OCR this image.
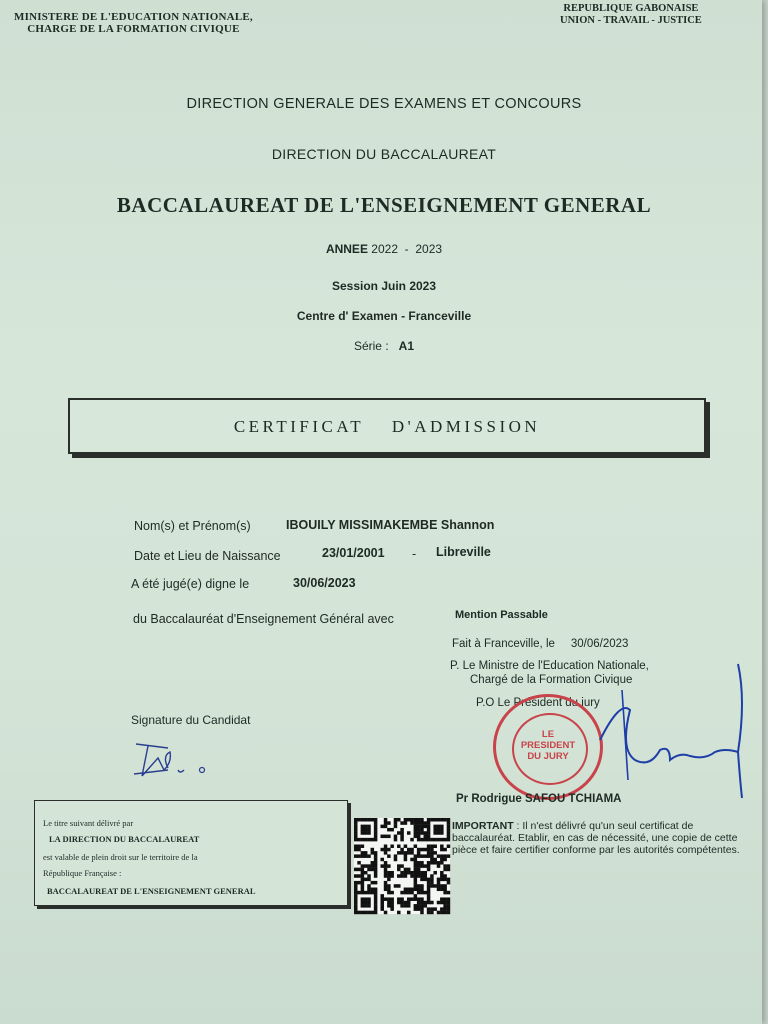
MINISTERE DE L'EDUCATION NATIONALE,
CHARGE DE LA FORMATION CIVIQUE
REPUBLIQUE GABONAISE
UNION - TRAVAIL - JUSTICE
DIRECTION GENERALE DES EXAMENS ET CONCOURS
DIRECTION DU BACCALAUREAT
BACCALAUREAT DE L'ENSEIGNEMENT GENERAL
ANNEE 2022 - 2023
Session Juin 2023
Centre d' Examen - Franceville
Série : A1
CERTIFICAT D'ADMISSION
Nom(s) et Prénom(s)	IBOUILY MISSIMAKEMBE Shannon
Date et Lieu de Naissance	23/01/2001 - Libreville
A été jugé(e) digne le	30/06/2023
du Baccalauréat d'Enseignement Général avec	Mention Passable
Fait à Franceville, le 30/06/2023
P. Le Ministre de l'Education Nationale,
Chargé de la Formation Civique
P.O Le Président du jury
Signature du Candidat
LE
PRESIDENT
DU JURY
Pr Rodrigue SAFOU TCHIAMA
Le titre suivant délivré par
LA DIRECTION DU BACCALAUREAT
est valable de plein droit sur le territoire de la
République Française :
BACCALAUREAT DE L'ENSEIGNEMENT GENERAL
IMPORTANT : Il n'est délivré qu'un seul certificat de baccalauréat. Etablir, en cas de nécessité, une copie de cette pièce et faire certifier conforme par les autorités compétentes.
